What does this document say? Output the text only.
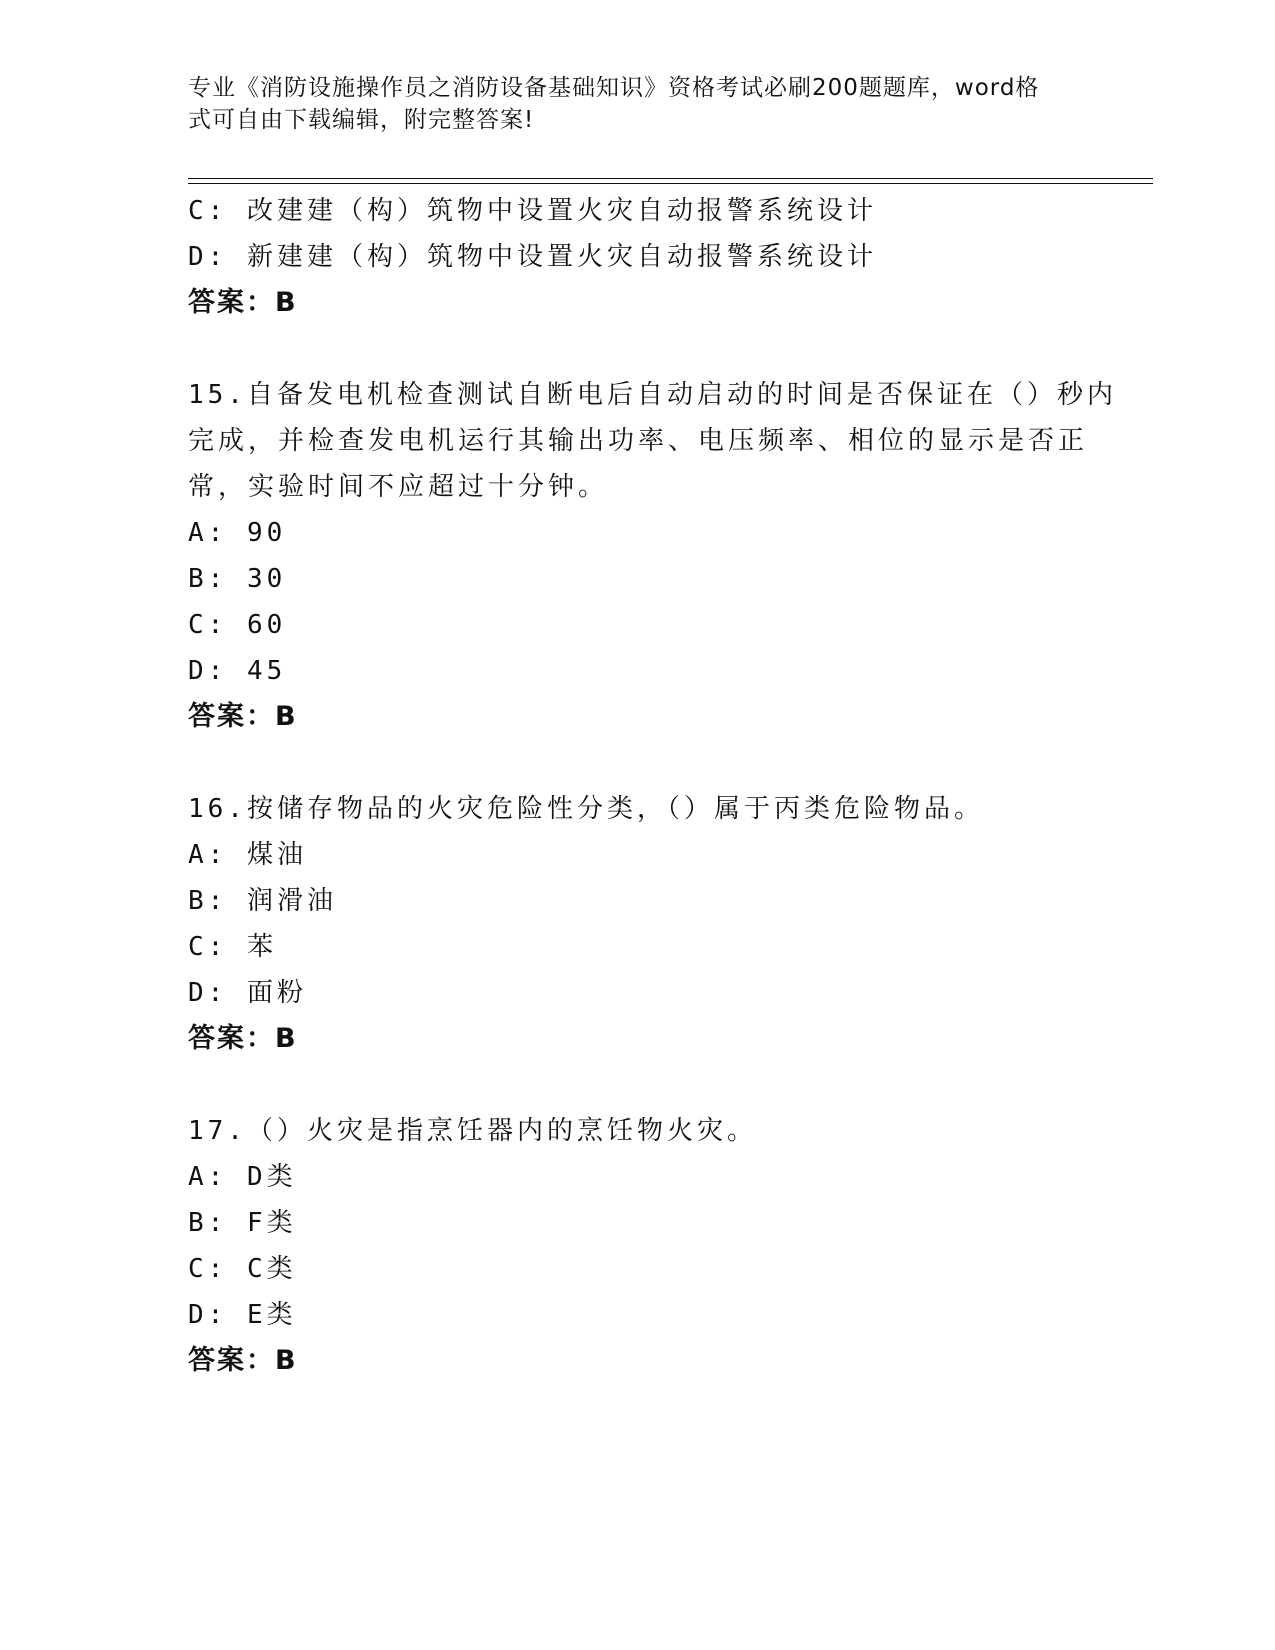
专业《消防设施操作员之消防设备基础知识》资格考试必刷200题题库，word格
式可自由下载编辑，附完整答案!
C: 改建建（构）筑物中设置火灾自动报警系统设计
D: 新建建（构）筑物中设置火灾自动报警系统设计
答案：B
15.自备发电机检查测试自断电后自动启动的时间是否保证在（）秒内
完成，并检查发电机运行其输出功率、电压频率、相位的显示是否正
常，实验时间不应超过十分钟。
A: 90
B: 30
C: 60
D: 45
答案：B
16.按储存物品的火灾危险性分类，（）属于丙类危险物品。
A: 煤油
B: 润滑油
C: 苯
D: 面粉
答案：B
17.（）火灾是指烹饪器内的烹饪物火灾。
A: D类
B: F类
C: C类
D: E类
答案：B
